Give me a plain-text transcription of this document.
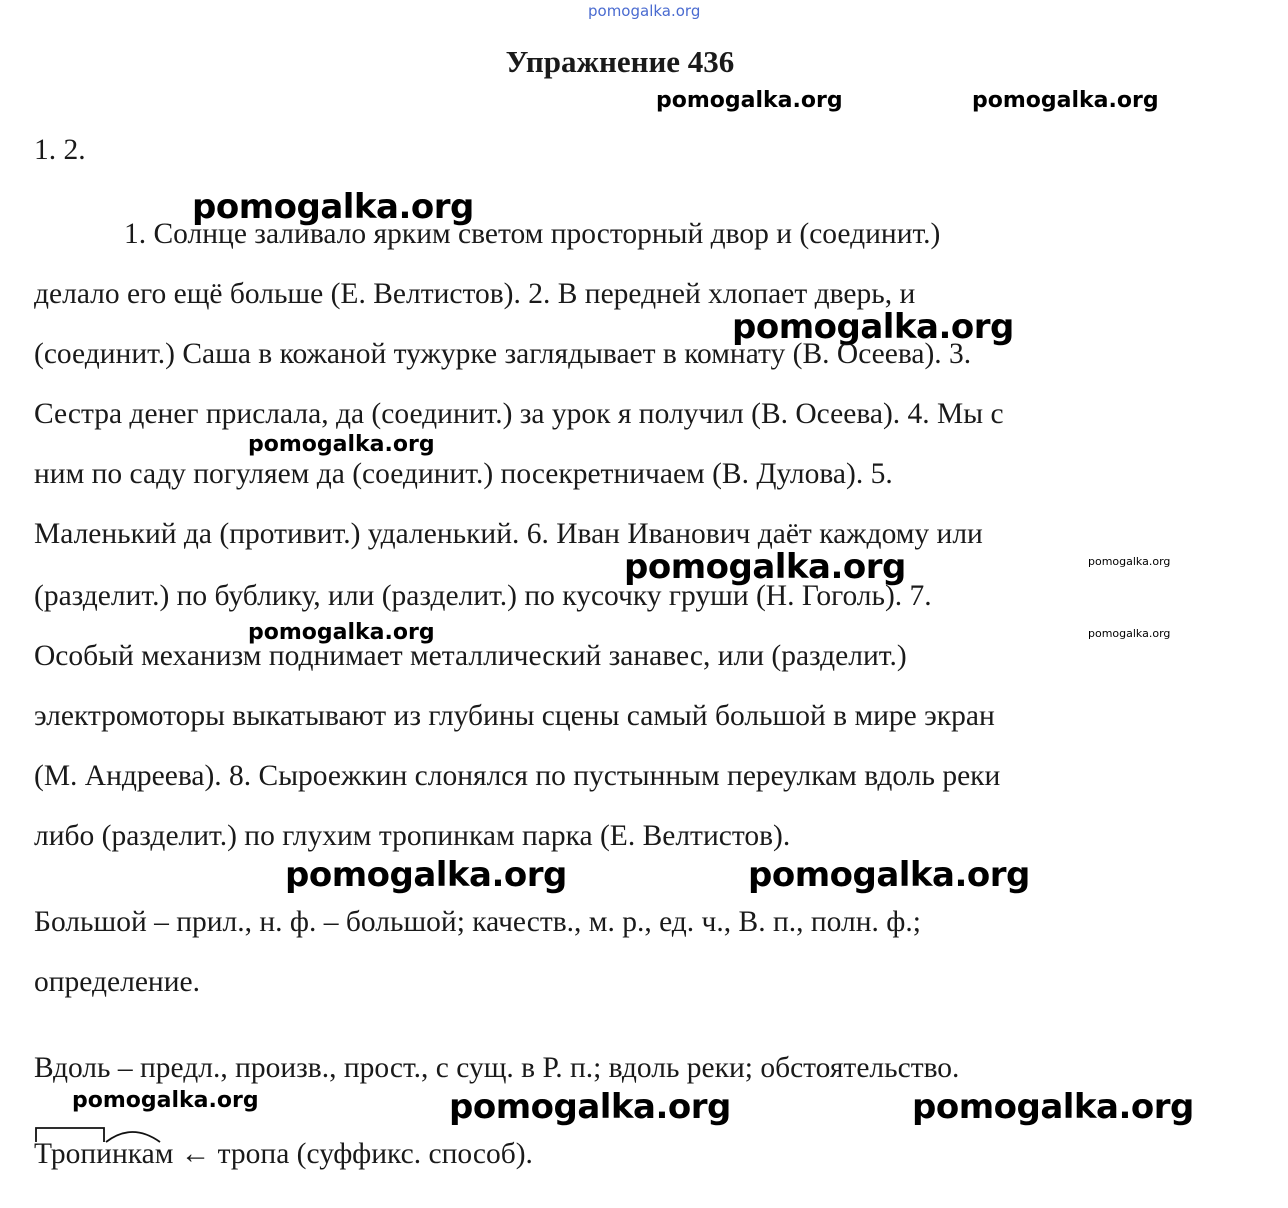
pomogalka.org
pomogalka.org	pomogalka.org
pomogalka.org
pomogalka.org
pomogalka.org
pomogalka.org	pomogalka.org
pomogalka.org	pomogalka.org
pomogalka.org	pomogalka.org
pomogalka.org	pomogalka.org	pomogalka.org
Упражнение 436
1. 2.
1. Солнце заливало ярким светом просторный двор и (соединит.)
делало его ещё больше (Е. Велтистов). 2. В передней хлопает дверь, и
(соединит.) Саша в кожаной тужурке заглядывает в комнату (В. Осеева). 3.
Сестра денег прислала, да (соединит.) за урок я получил (В. Осеева). 4. Мы с
ним по саду погуляем да (соединит.) посекретничаем (В. Дулова). 5.
Маленький да (противит.) удаленький. 6. Иван Иванович даёт каждому или
(разделит.) по бублику, или (разделит.) по кусочку груши (Н. Гоголь). 7.
Особый механизм поднимает металлический занавес, или (разделит.)
электромоторы выкатывают из глубины сцены самый большой в мире экран
(М. Андреева). 8. Сыроежкин слонялся по пустынным переулкам вдоль реки
либо (разделит.) по глухим тропинкам парка (Е. Велтистов).
Большой – прил., н. ф. – большой; качеств., м. р., ед. ч., В. п., полн. ф.;
определение.
Вдоль – предл., произв., прост., с сущ. в Р. п.; вдоль реки; обстоятельство.
Тропинкам ← тропа (суффикс. способ).
